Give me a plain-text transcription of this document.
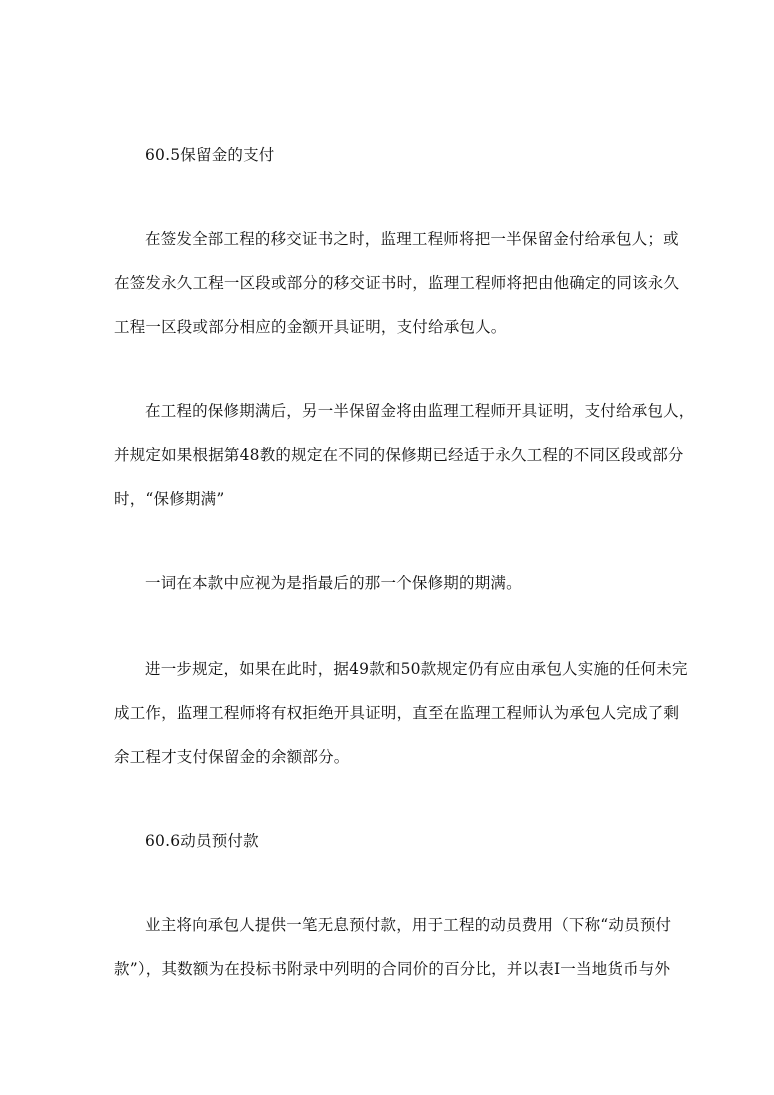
60.5保留金的支付
在签发全部工程的移交证书之时，监理工程师将把一半保留金付给承包人；或
在签发永久工程一区段或部分的移交证书时，监理工程师将把由他确定的同该永久
工程一区段或部分相应的金额开具证明，支付给承包人。
在工程的保修期满后，另一半保留金将由监理工程师开具证明，支付给承包人，
并规定如果根据第48教的规定在不同的保修期已经适于永久工程的不同区段或部分
时，“保修期满”
一词在本款中应视为是指最后的那一个保修期的期满。
进一步规定，如果在此时，据49款和50款规定仍有应由承包人实施的任何未完
成工作，监理工程师将有权拒绝开具证明，直至在监理工程师认为承包人完成了剩
余工程才支付保留金的余额部分。
60.6动员预付款
业主将向承包人提供一笔无息预付款，用于工程的动员费用（下称“动员预付
款”），其数额为在投标书附录中列明的合同价的百分比，并以表I一当地货币与外
